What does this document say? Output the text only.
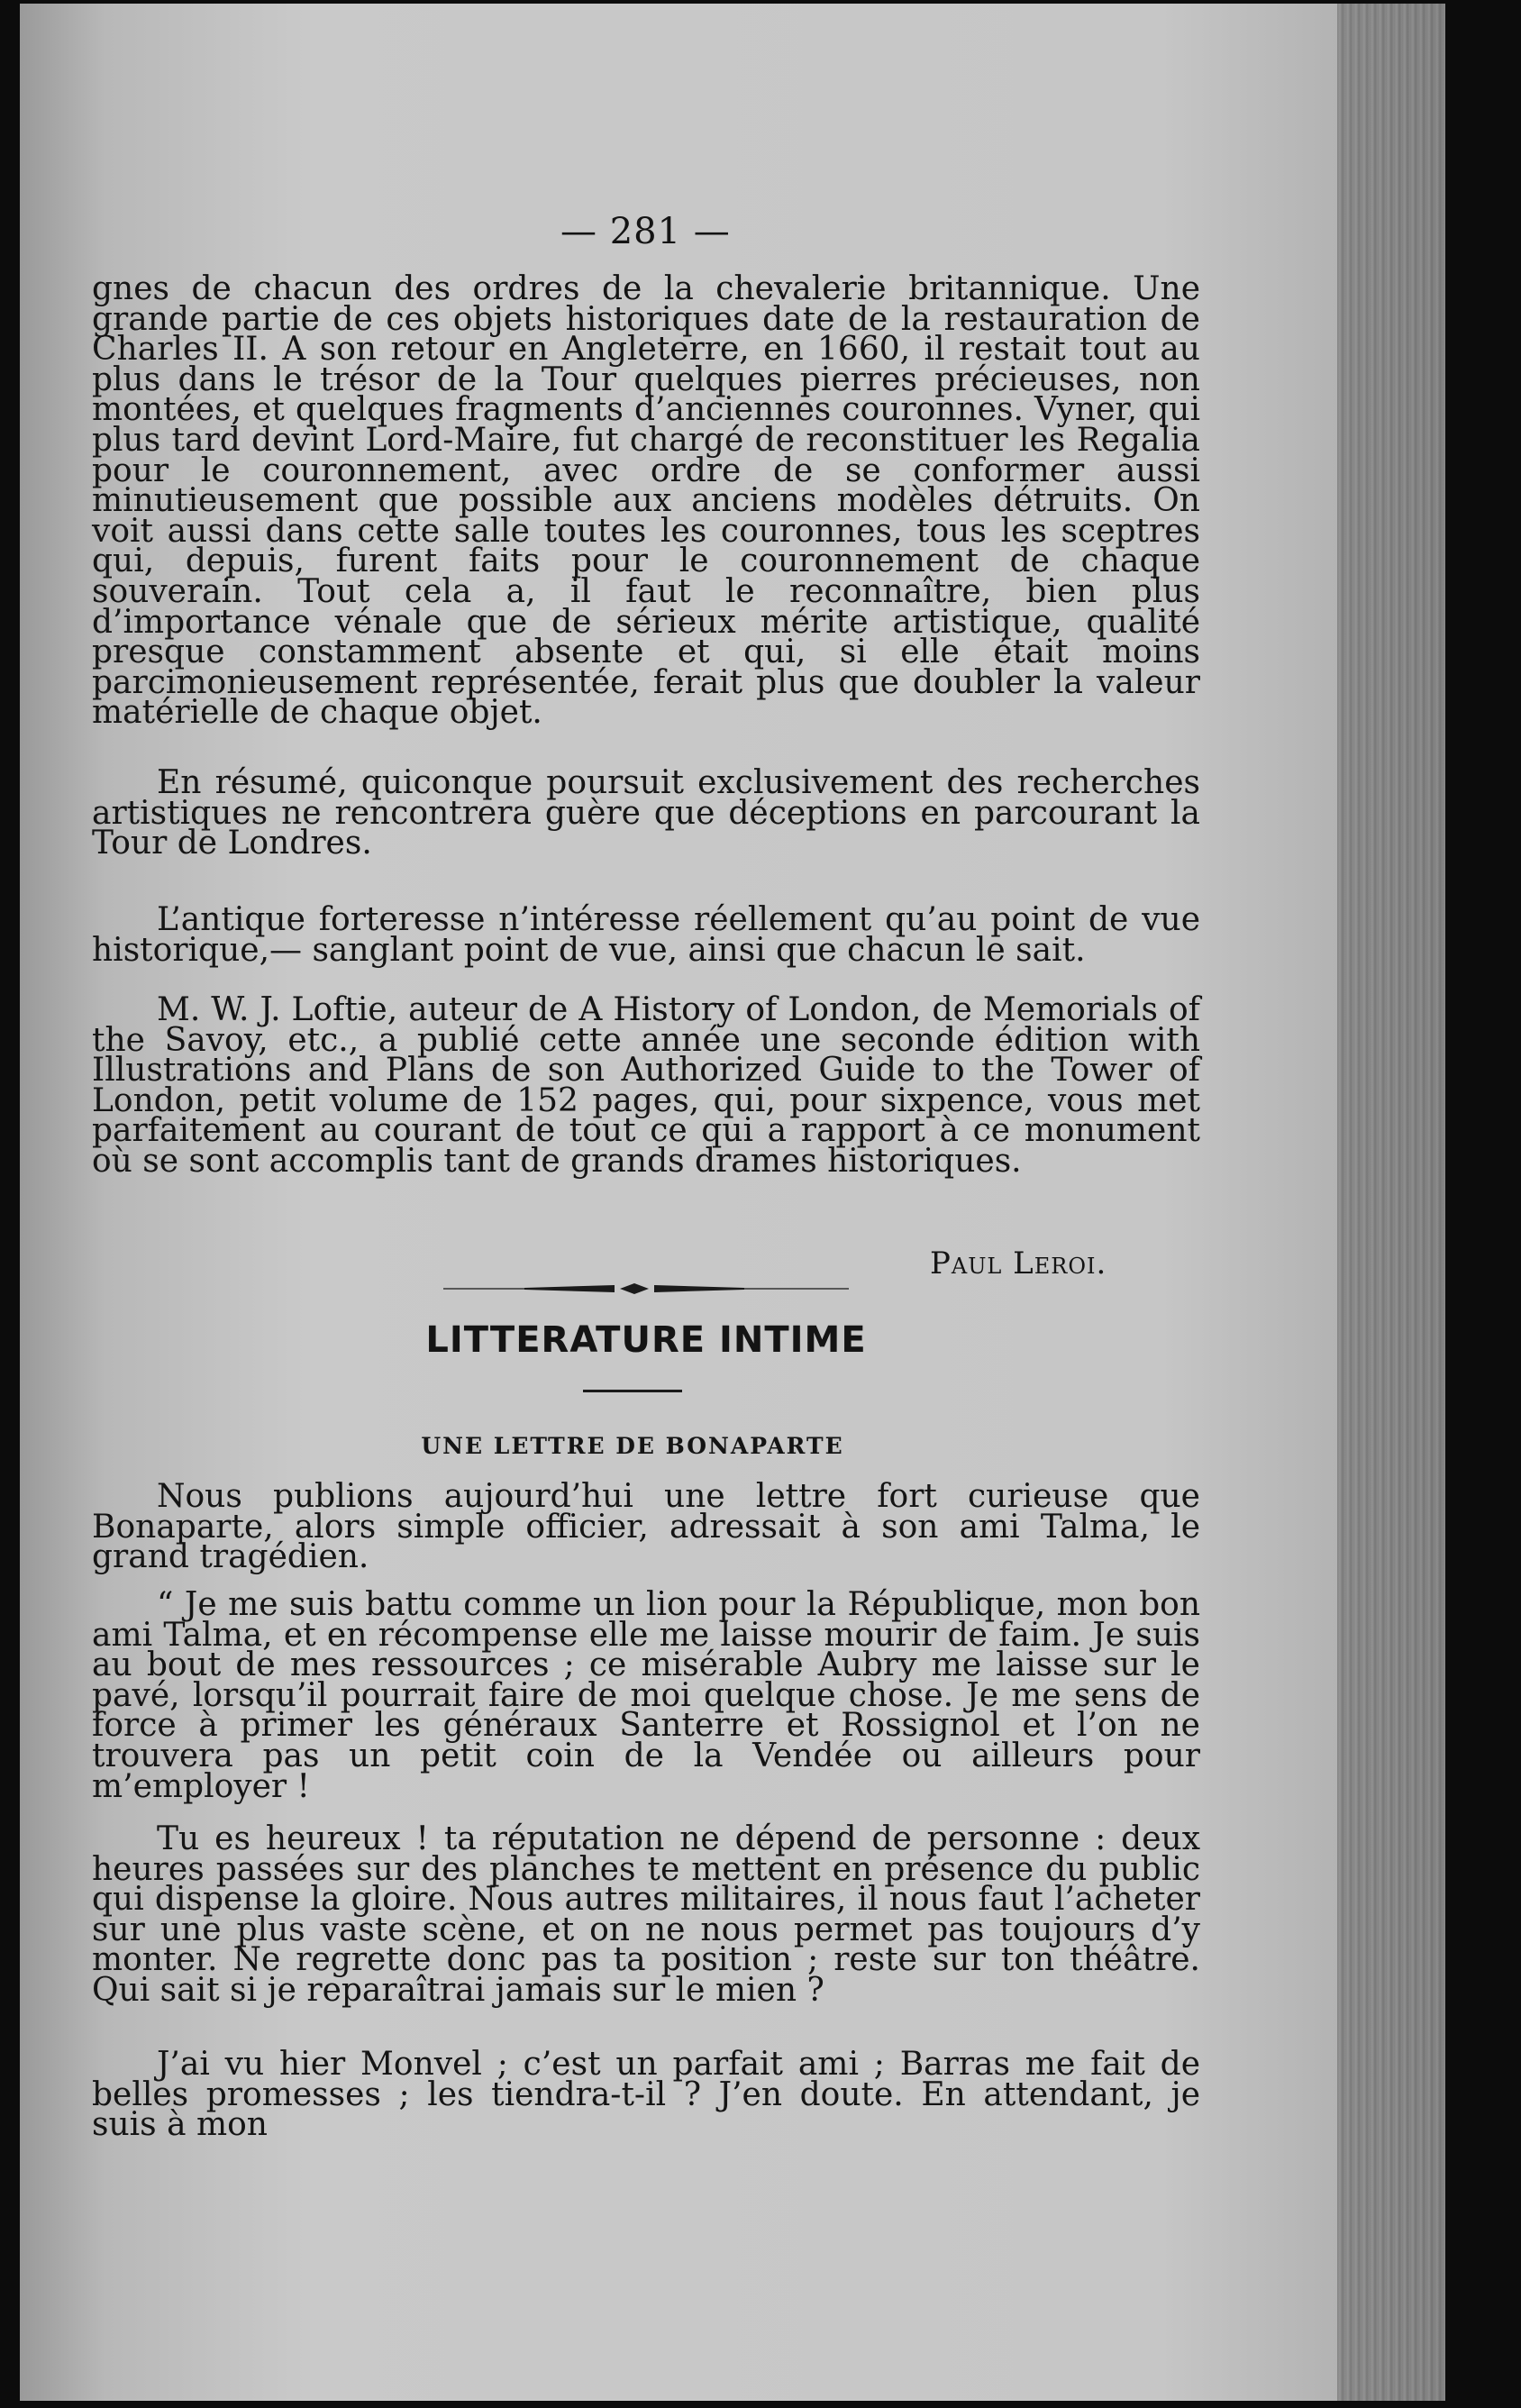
— 281 —

gnes de chacun des ordres de la chevalerie britannique. Une grande partie de ces objets historiques date de la restauration de Charles II. A son retour en Angleterre, en 1660, il restait tout au plus dans le trésor de la Tour quelques pierres précieuses, non montées, et quelques fragments d’anciennes couronnes. Vyner, qui plus tard devint Lord-Maire, fut chargé de reconstituer les Regalia pour le couronnement, avec ordre de se conformer aussi minutieusement que possible aux anciens modèles détruits. On voit aussi dans cette salle toutes les couronnes, tous les sceptres qui, depuis, furent faits pour le couronnement de chaque souverain. Tout cela a, il faut le reconnaître, bien plus d’importance vénale que de sérieux mérite artistique, qualité presque constamment absente et qui, si elle était moins parcimonieusement représentée, ferait plus que doubler la valeur matérielle de chaque objet.

En résumé, quiconque poursuit exclusivement des recherches artistiques ne rencontrera guère que déceptions en parcourant la Tour de Londres.

L’antique forteresse n’intéresse réellement qu’au point de vue historique,— sanglant point de vue, ainsi que chacun le sait.

M. W. J. Loftie, auteur de A History of London, de Memorials of the Savoy, etc., a publié cette année une seconde édition with Illustrations and Plans de son Authorized Guide to the Tower of London, petit volume de 152 pages, qui, pour sixpence, vous met parfaitement au courant de tout ce qui a rapport à ce monument où se sont accomplis tant de grands drames historiques.

Paul Leroi.
LITTERATURE INTIME
UNE LETTRE DE BONAPARTE

Nous publions aujourd’hui une lettre fort curieuse que Bonaparte, alors simple officier, adressait à son ami Talma, le grand tragédien.

“ Je me suis battu comme un lion pour la République, mon bon ami Talma, et en récompense elle me laisse mourir de faim. Je suis au bout de mes ressources ; ce misérable Aubry me laisse sur le pavé, lorsqu’il pourrait faire de moi quelque chose. Je me sens de force à primer les généraux Santerre et Rossignol et l’on ne trouvera pas un petit coin de la Vendée ou ailleurs pour m’employer !

Tu es heureux ! ta réputation ne dépend de personne : deux heures passées sur des planches te mettent en présence du public qui dispense la gloire. Nous autres militaires, il nous faut l’acheter sur une plus vaste scène, et on ne nous permet pas toujours d’y monter. Ne regrette donc pas ta position ; reste sur ton théâtre. Qui sait si je reparaîtrai jamais sur le mien ?

J’ai vu hier Monvel ; c’est un parfait ami ; Barras me fait de belles promesses ; les tiendra-t-il ? J’en doute. En attendant, je suis à mon
